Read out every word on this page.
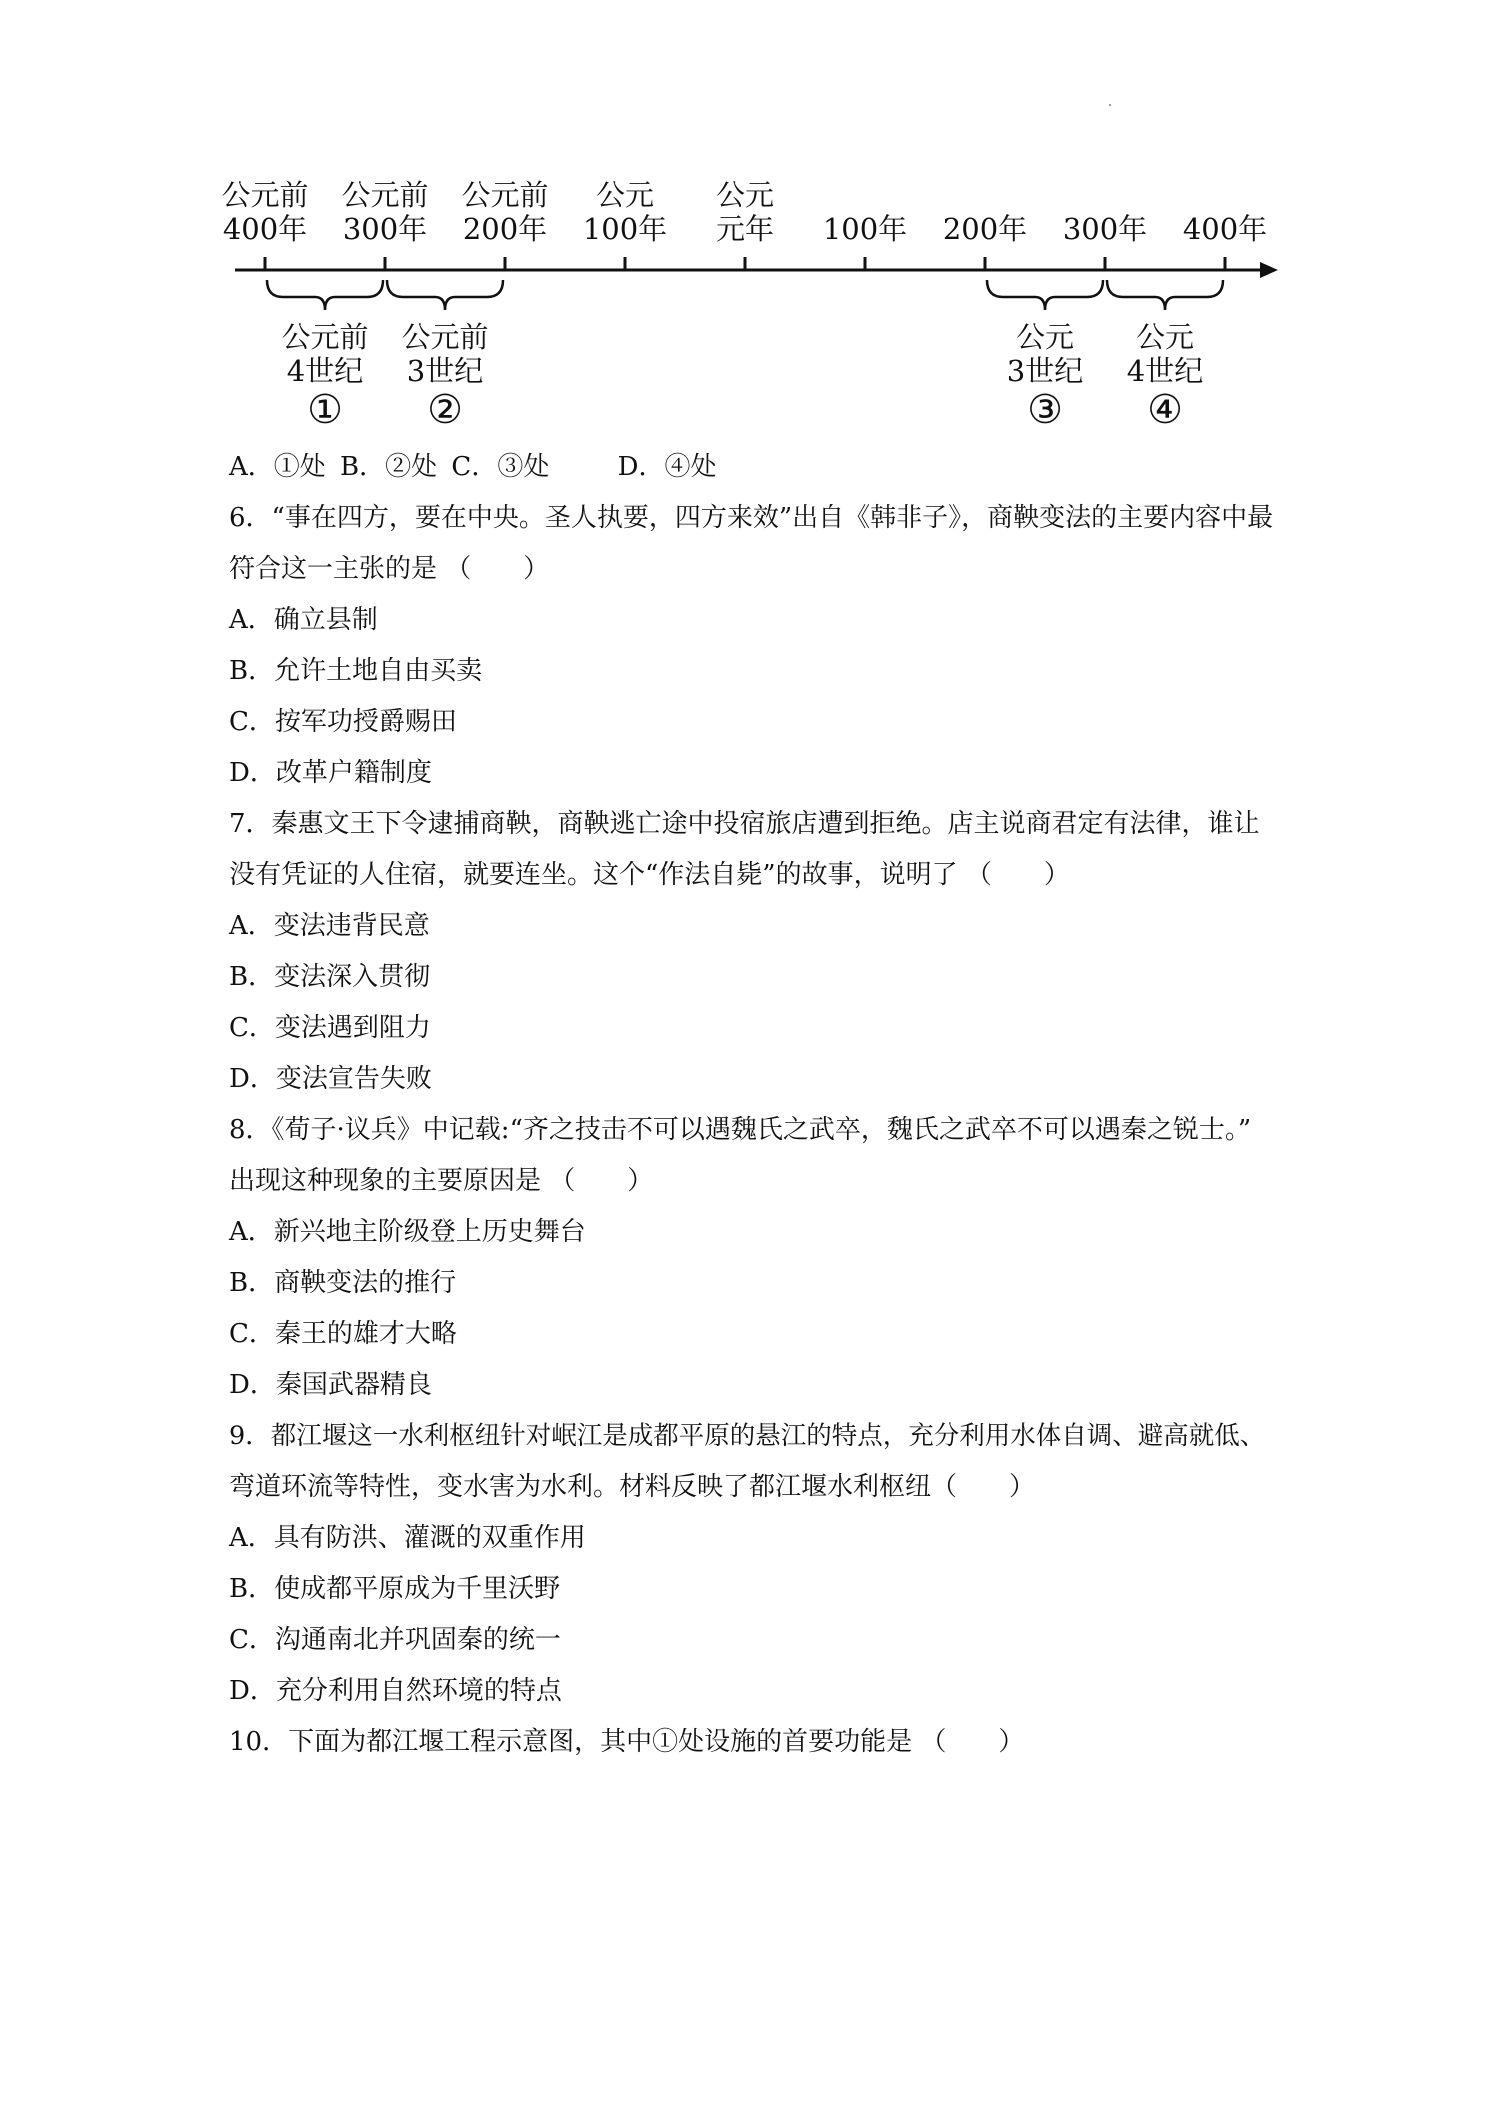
公元前
400年
公元前
300年
公元前
200年
公元
100年
公元
元年	100年	200年	300年	400年
公元前
4世纪
①
公元前
3世纪
②
公元
3世纪
③
公元
4世纪
④
A．①处 B．②处 C．③处	D．④处
6．“事在四方，要在中央。圣人执要，四方来效”出自《韩非子》，商鞅变法的主要内容中最
符合这一主张的是 （　　）
A．确立县制
B．允许土地自由买卖
C．按军功授爵赐田
D．改革户籍制度
7．秦惠文王下令逮捕商鞅，商鞅逃亡途中投宿旅店遭到拒绝。店主说商君定有法律，谁让
没有凭证的人住宿，就要连坐。这个“作法自毙”的故事，说明了 （　　）
A．变法违背民意
B．变法深入贯彻
C．变法遇到阻力
D．变法宣告失败
8．《荀子·议兵》中记载:“齐之技击不可以遇魏氏之武卒，魏氏之武卒不可以遇秦之锐士。”
出现这种现象的主要原因是 （　　）
A．新兴地主阶级登上历史舞台
B．商鞅变法的推行
C．秦王的雄才大略
D．秦国武器精良
9．都江堰这一水利枢纽针对岷江是成都平原的悬江的特点，充分利用水体自调、避高就低、
弯道环流等特性，变水害为水利。材料反映了都江堰水利枢纽（　　）
A．具有防洪、灌溉的双重作用
B．使成都平原成为千里沃野
C．沟通南北并巩固秦的统一
D．充分利用自然环境的特点
10．下面为都江堰工程示意图，其中①处设施的首要功能是 （　　）
